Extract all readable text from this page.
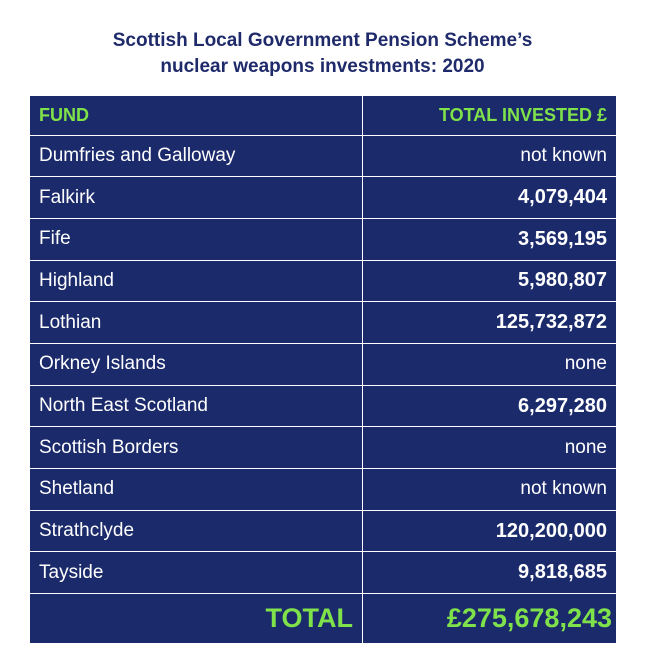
Scottish Local Government Pension Scheme’s
nuclear weapons investments: 2020
FUND	TOTAL INVESTED £
Dumfries and Galloway	not known
Falkirk	4,079,404
Fife	3,569,195
Highland	5,980,807
Lothian	125,732,872
Orkney Islands	none
North East Scotland	6,297,280
Scottish Borders	none
Shetland	not known
Strathclyde	120,200,000
Tayside	9,818,685
TOTAL	£275,678,243
